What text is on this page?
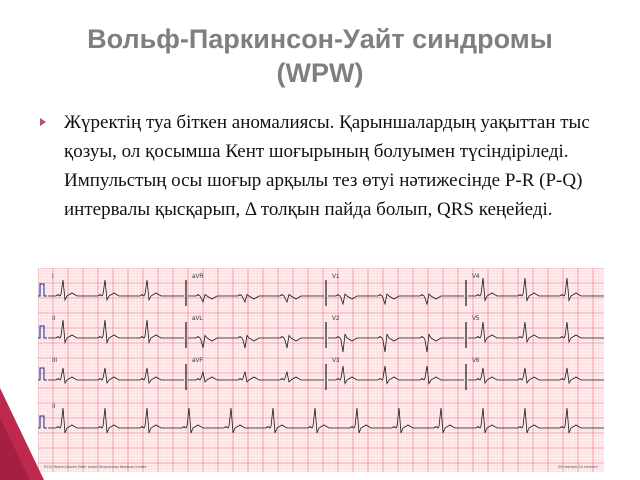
Вольф-Паркинсон-Уайт синдромы
(WPW)
Жүректің туа біткен аномалиясы. Қарыншалардың уақыттан тыс қозуы, ол қосымша Кент шоғырының болуымен түсіндіріледі. Импульстың осы шоғыр арқылы тез өтуі нәтижесінде P-R (P-Q) интервалы қысқарып, Δ толқын пайда болып, QRS кеңейеді.
I	aVR	V1	V4
II	aVL	V2	V5
III	aVF	V3	V6
II
ECG Wave-Maven Beth Israel Deaconess Medical Center	25 mm/sec 10 mm/mV
